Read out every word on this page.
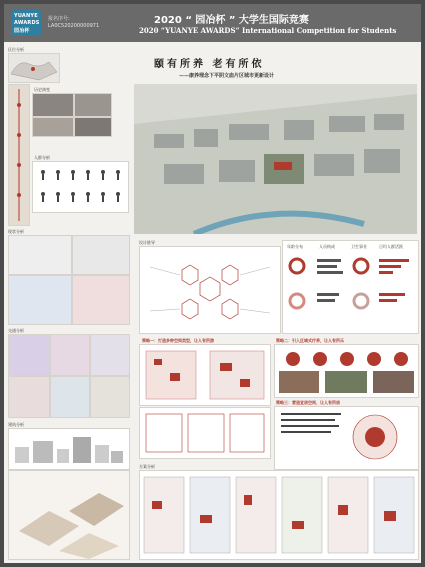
YUANYE
AWARDS
园冶杯
报名序号:
LA0C520200000971	2020 “ 园冶杯 ” 大学生国际竞赛
2020 “YUANYE AWARDS” International Competition for Students
区位分析
历史演变
人群分析
现状分析
交通分析
建筑分析
颐有所养 老有所依
——康养理念下平阴文庙片区城市更新设计
设计推导
年龄分布	人员构成	卫生事业	日均人群活跃
策略一：打造多种空间类型，让人有所游	策略二：引入区域式疗养，让人有所乐
策略三：营造宜居空间，让人有所居
方案分析
